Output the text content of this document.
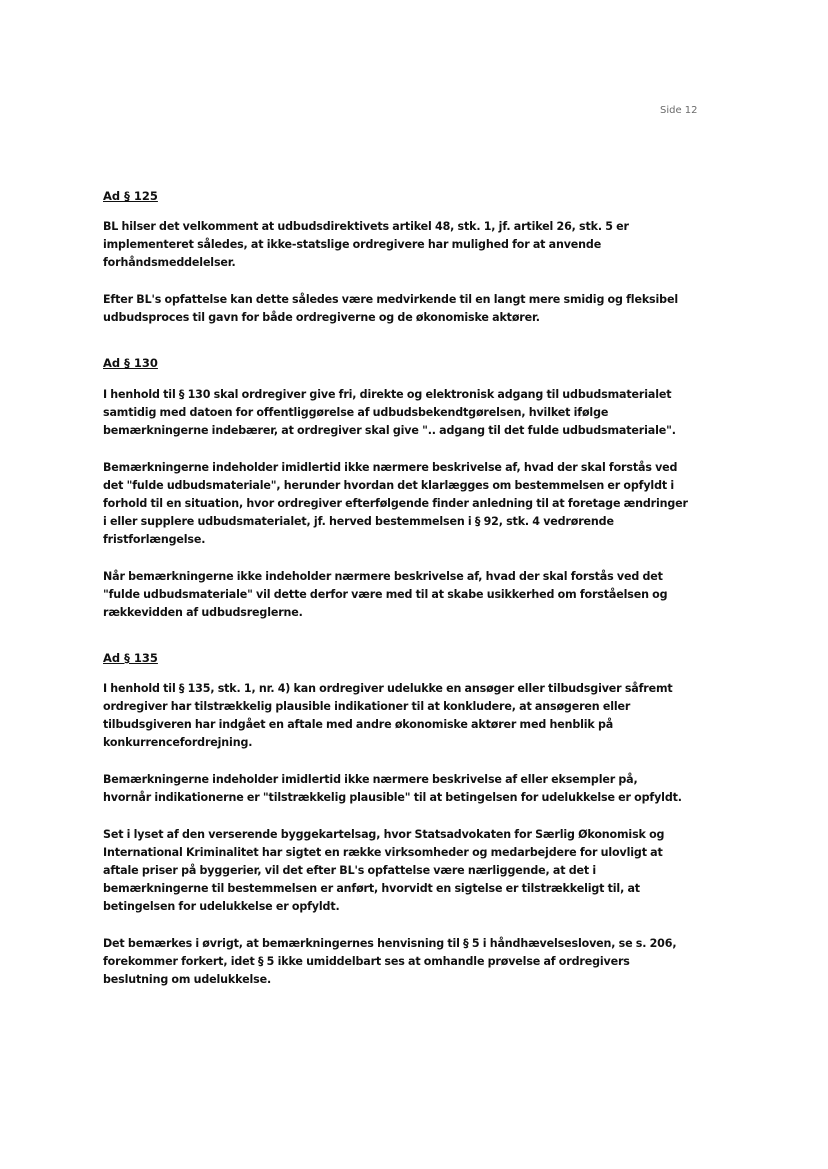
Side 12
Ad § 125

BL hilser det velkomment at udbudsdirektivets artikel 48, stk. 1, jf. artikel 26, stk. 5 er implementeret således, at ikke-statslige ordregivere har mulighed for at anvende forhåndsmeddelelser.

Efter BL's opfattelse kan dette således være medvirkende til en langt mere smidig og fleksibel udbudsproces til gavn for både ordregiverne og de økonomiske aktører.

Ad § 130

I henhold til § 130 skal ordregiver give fri, direkte og elektronisk adgang til udbudsmaterialet samtidig med datoen for offentliggørelse af udbudsbekendtgørelsen, hvilket ifølge bemærkningerne indebærer, at ordregiver skal give ".. adgang til det fulde udbudsmateriale".

Bemærkningerne indeholder imidlertid ikke nærmere beskrivelse af, hvad der skal forstås ved det "fulde udbudsmateriale", herunder hvordan det klarlægges om bestemmelsen er opfyldt i forhold til en situation, hvor ordregiver efterfølgende finder anledning til at foretage ændringer i eller supplere udbudsmaterialet, jf. herved bestemmelsen i § 92, stk. 4 vedrørende fristforlængelse.

Når bemærkningerne ikke indeholder nærmere beskrivelse af, hvad der skal forstås ved det "fulde udbudsmateriale" vil dette derfor være med til at skabe usikkerhed om forståelsen og rækkevidden af udbudsreglerne.

Ad § 135

I henhold til § 135, stk. 1, nr. 4) kan ordregiver udelukke en ansøger eller tilbudsgiver såfremt ordregiver har tilstrækkelig plausible indikationer til at konkludere, at ansøgeren eller tilbudsgiveren har indgået en aftale med andre økonomiske aktører med henblik på konkurrencefordrejning.

Bemærkningerne indeholder imidlertid ikke nærmere beskrivelse af eller eksempler på, hvornår indikationerne er "tilstrækkelig plausible" til at betingelsen for udelukkelse er opfyldt.

Set i lyset af den verserende byggekartelsag, hvor Statsadvokaten for Særlig Økonomisk og International Kriminalitet har sigtet en række virksomheder og medarbejdere for ulovligt at aftale priser på byggerier, vil det efter BL's opfattelse være nærliggende, at det i bemærkningerne til bestemmelsen er anført, hvorvidt en sigtelse er tilstrækkeligt til, at betingelsen for udelukkelse er opfyldt.

Det bemærkes i øvrigt, at bemærkningernes henvisning til § 5 i håndhævelsesloven, se s. 206, forekommer forkert, idet § 5 ikke umiddelbart ses at omhandle prøvelse af ordregivers beslutning om udelukkelse.
